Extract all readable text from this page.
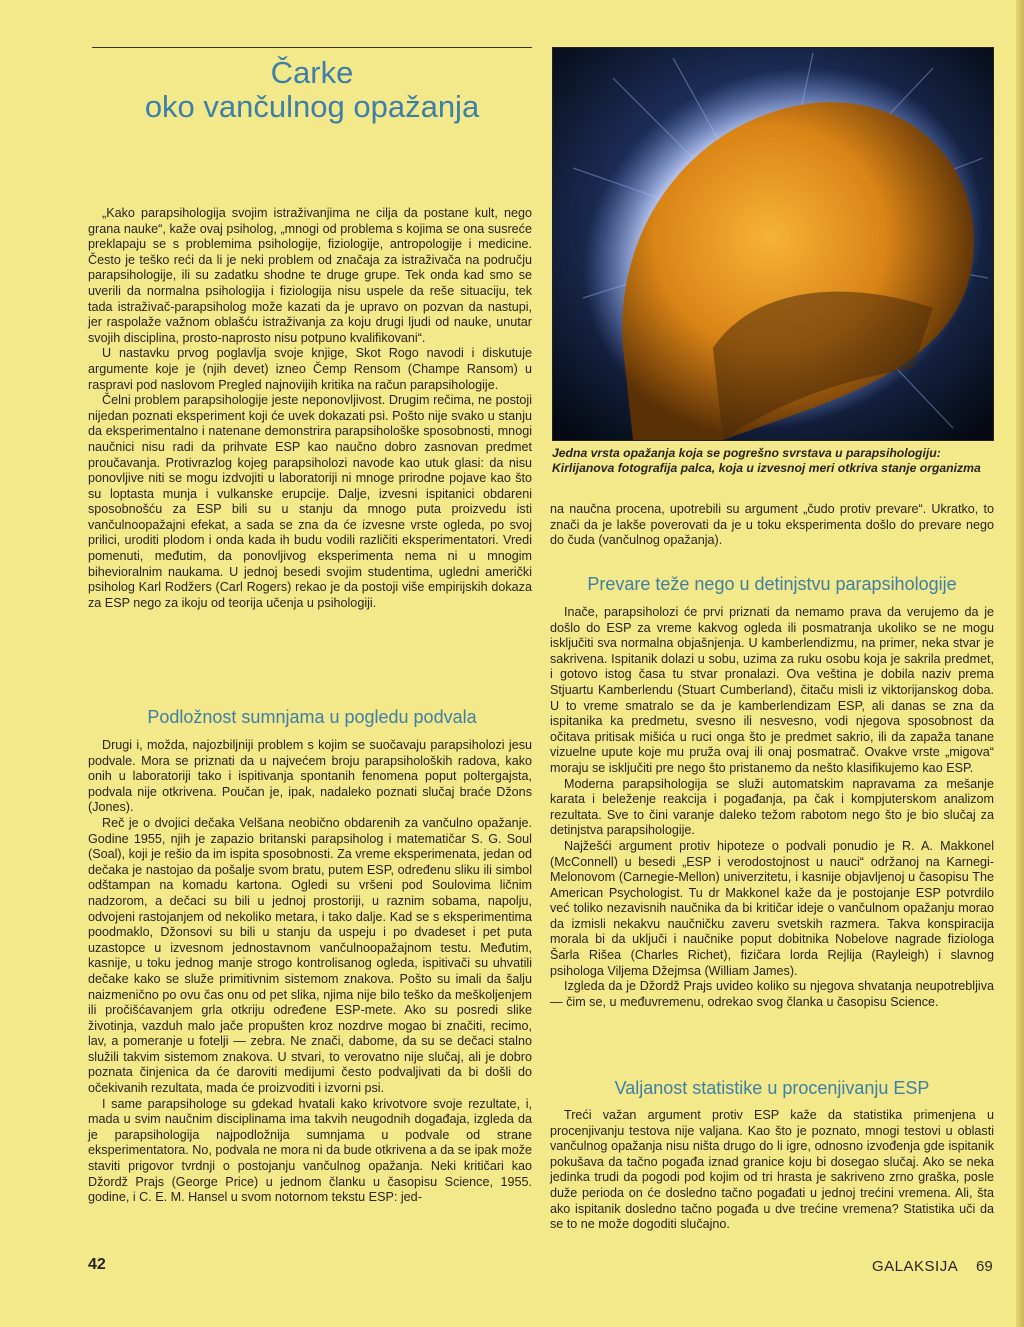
Čarke
oko vančulnog opažanja

„Kako parapsihologija svojim istraživanjima ne cilja da postane kult, nego grana nauke“, kaže ovaj psiholog, „mnogi od problema s kojima se ona susreće preklapaju se s problemima psihologije, fiziologije, antropologije i medicine. Često je teško reći da li je neki problem od značaja za istraživača na području parapsihologije, ili su zadatku shodne te druge grupe. Tek onda kad smo se uverili da normalna psihologija i fiziologija nisu uspele da reše situaciju, tek tada istraživač-parapsiholog može kazati da je upravo on pozvan da nastupi, jer raspolaže važnom oblašću istraživanja za koju drugi ljudi od nauke, unutar svojih disciplina, prosto-naprosto nisu potpuno kvalifikovani“.

U nastavku prvog poglavlja svoje knjige, Skot Rogo navodi i diskutuje argumente koje je (njih devet) izneo Čemp Rensom (Champe Ransom) u raspravi pod naslovom Pregled najnovijih kritika na račun parapsihologije.

Čelni problem parapsihologije jeste neponovljivost. Drugim rečima, ne postoji nijedan poznati eksperiment koji će uvek dokazati psi. Pošto nije svako u stanju da eksperimentalno i natenane demonstrira parapsihološke sposobnosti, mnogi naučnici nisu radi da prihvate ESP kao naučno dobro zasnovan predmet proučavanja. Protivrazlog kojeg parapsiholozi navode kao utuk glasi: da nisu ponovljive niti se mogu izdvojiti u laboratoriji ni mnoge prirodne pojave kao što su loptasta munja i vulkanske erupcije. Dalje, izvesni ispitanici obdareni sposobnošću za ESP bili su u stanju da mnogo puta proizvedu isti vančulnoopažajni efekat, a sada se zna da će izvesne vrste ogleda, po svoj prilici, uroditi plodom i onda kada ih budu vodili različiti eksperimentatori. Vredi pomenuti, međutim, da ponovljivog eksperimenta nema ni u mnogim bihevioralnim naukama. U jednoj besedi svojim studentima, ugledni američki psiholog Karl Rodžers (Carl Rogers) rekao je da postoji više empirijskih dokaza za ESP nego za ikoju od teorija učenja u psihologiji.

Podložnost sumnjama u pogledu podvala

Drugi i, možda, najozbiljniji problem s kojim se suočavaju parapsiholozi jesu podvale. Mora se priznati da u najvećem broju parapsiholoških radova, kako onih u laboratoriji tako i ispitivanja spontanih fenomena poput poltergajsta, podvala nije otkrivena. Poučan je, ipak, nadaleko poznati slučaj braće Džons (Jones).

Reč je o dvojici dečaka Velšana neobično obdarenih za vančulno opažanje. Godine 1955, njih je zapazio britanski parapsiholog i matematičar S. G. Soul (Soal), koji je rešio da im ispita sposobnosti. Za vreme eksperimenata, jedan od dečaka je nastojao da pošalje svom bratu, putem ESP, određenu sliku ili simbol odštampan na komadu kartona. Ogledi su vršeni pod Soulovima ličnim nadzorom, a dečaci su bili u jednoj prostoriji, u raznim sobama, napolju, odvojeni rastojanjem od nekoliko metara, i tako dalje. Kad se s eksperimentima poodmaklo, Džonsovi su bili u stanju da uspeju i po dvadeset i pet puta uzastopce u izvesnom jednostavnom vančulnoopažajnom testu. Međutim, kasnije, u toku jednog manje strogo kontrolisanog ogleda, ispitivači su uhvatili dečake kako se služe primitivnim sistemom znakova. Pošto su imali da šalju naizmenično po ovu čas onu od pet slika, njima nije bilo teško da meškoljenjem ili pročišćavanjem grla otkriju određene ESP-mete. Ako su posredi slike životinja, vazduh malo jače propušten kroz nozdrve mogao bi značiti, recimo, lav, a pomeranje u fotelji — zebra. Ne znači, dabome, da su se dečaci stalno služili takvim sistemom znakova. U stvari, to verovatno nije slučaj, ali je dobro poznata činjenica da će daroviti medijumi često podvaljivati da bi došli do očekivanih rezultata, mada će proizvoditi i izvorni psi.

I same parapsihologe su gdekad hvatali kako krivotvore svoje rezultate, i, mada u svim naučnim disciplinama ima takvih neugodnih događaja, izgleda da je parapsihologija najpodložnija sumnjama u podvale od strane eksperimentatora. No, podvala ne mora ni da bude otkrivena a da se ipak može staviti prigovor tvrdnji o postojanju vančulnog opažanja. Neki kritičari kao Džordž Prajs (George Price) u jednom članku u časopisu Science, 1955. godine, i C. E. M. Hansel u svom notornom tekstu ESP: jed-

Jedna vrsta opažanja koja se pogrešno svrstava u parapsihologiju: Kirlijanova fotografija palca, koja u izvesnoj meri otkriva stanje organizma

na naučna procena, upotrebili su argument „čudo protiv prevare“. Ukratko, to znači da je lakše poverovati da je u toku eksperimenta došlo do prevare nego do čuda (vančulnog opažanja).

Prevare teže nego u detinjstvu parapsihologije

Inače, parapsiholozi će prvi priznati da nemamo prava da verujemo da je došlo do ESP za vreme kakvog ogleda ili posmatranja ukoliko se ne mogu isključiti sva normalna objašnjenja. U kamberlendizmu, na primer, neka stvar je sakrivena. Ispitanik dolazi u sobu, uzima za ruku osobu koja je sakrila predmet, i gotovo istog časa tu stvar pronalazi. Ova veština je dobila naziv prema Stjuartu Kamberlendu (Stuart Cumberland), čitaču misli iz viktorijanskog doba. U to vreme smatralo se da je kamberlendizam ESP, ali danas se zna da ispitanika ka predmetu, svesno ili nesvesno, vodi njegova sposobnost da očitava pritisak mišića u ruci onga što je predmet sakrio, ili da zapaža tanane vizuelne upute koje mu pruža ovaj ili onaj posmatrač. Ovakve vrste „migova“ moraju se isključiti pre nego što pristanemo da nešto klasifikujemo kao ESP.

Moderna parapsihologija se služi automatskim napravama za mešanje karata i beleženje reakcija i pogađanja, pa čak i kompjuterskom analizom rezultata. Sve to čini varanje daleko težom rabotom nego što je bio slučaj za detinjstva parapsihologije.

Najžešći argument protiv hipoteze o podvali ponudio je R. A. Makkonel (McConnell) u besedi „ESP i verodostojnost u nauci“ održanoj na Karnegi-Melonovom (Carnegie-Mellon) univerzitetu, i kasnije objavljenoj u časopisu The American Psychologist. Tu dr Makkonel kaže da je postojanje ESP potvrdilo već toliko nezavisnih naučnika da bi kritičar ideje o vančulnom opažanju morao da izmisli nekakvu naučničku zaveru svetskih razmera. Takva konspiracija morala bi da uključi i naučnike poput dobitnika Nobelove nagrade fiziologa Šarla Rišea (Charles Richet), fizičara lorda Rejlija (Rayleigh) i slavnog psihologa Viljema Džejmsa (William James).

Izgleda da je Džordž Prajs uvideo koliko su njegova shvatanja neupotrebljiva — čim se, u međuvremenu, odrekao svog članka u časopisu Science.

Valjanost statistike u procenjivanju ESP

Treći važan argument protiv ESP kaže da statistika primenjena u procenjivanju testova nije valjana. Kao što je poznato, mnogi testovi u oblasti vančulnog opažanja nisu ništa drugo do li igre, odnosno izvođenja gde ispitanik pokušava da tačno pogađa iznad granice koju bi dosegao slučaj. Ako se neka jedinka trudi da pogodi pod kojim od tri hrasta je sakriveno zrno graška, posle duže perioda on će dosledno tačno pogađati u jednoj trećini vremena. Ali, šta ako ispitanik dosledno tačno pogađa u dve trećine vremena? Statistika uči da se to ne može dogoditi slučajno.

42	GALAKSIJA 69
